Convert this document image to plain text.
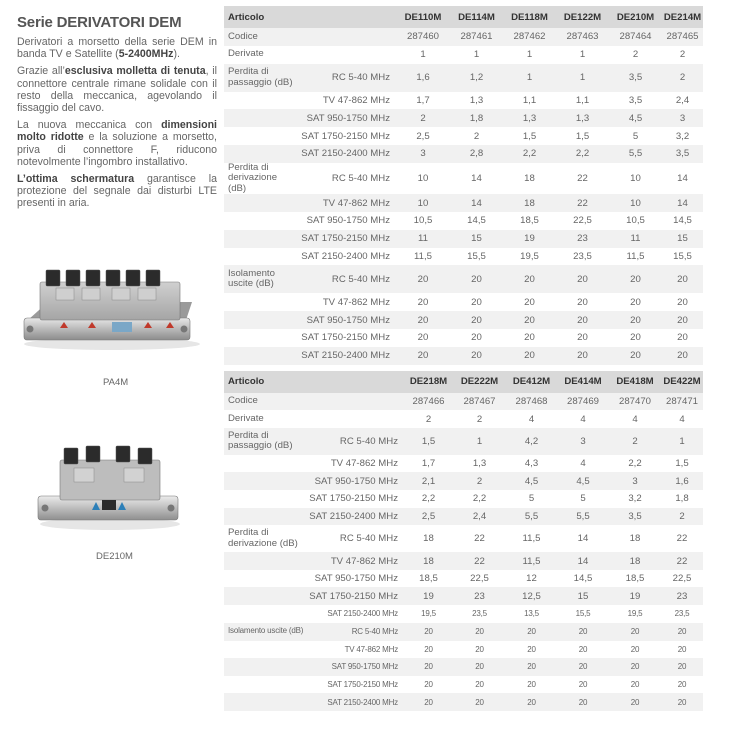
Serie DERIVATORI DEM

Derivatori a morsetto della serie DEM in banda TV e Satellite (5-2400MHz).

Grazie all’esclusiva molletta di tenuta, il connettore centrale rimane solidale con il resto della meccanica, agevolando il fissaggio del cavo.

La nuova meccanica con dimensioni molto ridotte e la soluzione a morsetto, priva di connettore F, riducono notevolmente l’ingombro installativo.

L’ottima schermatura garantisce la protezione del segnale dai disturbi LTE presenti in aria.

PA4M
DE210M
Articolo		DE110M	DE114M	DE118M	DE122M	DE210M	DE214M
Codice		287460	287461	287462	287463	287464	287465
Derivate		1	1	1	1	2	2
Perdita di passaggio (dB)	RC 5-40 MHz	1,6	1,2	1	1	3,5	2
	TV 47-862 MHz	1,7	1,3	1,1	1,1	3,5	2,4
	SAT 950-1750 MHz	2	1,8	1,3	1,3	4,5	3
	SAT 1750-2150 MHz	2,5	2	1,5	1,5	5	3,2
	SAT 2150-2400 MHz	3	2,8	2,2	2,2	5,5	3,5
Perdita di derivazione (dB)	RC 5-40 MHz	10	14	18	22	10	14
	TV 47-862 MHz	10	14	18	22	10	14
	SAT 950-1750 MHz	10,5	14,5	18,5	22,5	10,5	14,5
	SAT 1750-2150 MHz	11	15	19	23	11	15
	SAT 2150-2400 MHz	11,5	15,5	19,5	23,5	11,5	15,5
Isolamento uscite (dB)	RC 5-40 MHz	20	20	20	20	20	20
	TV 47-862 MHz	20	20	20	20	20	20
	SAT 950-1750 MHz	20	20	20	20	20	20
	SAT 1750-2150 MHz	20	20	20	20	20	20
	SAT 2150-2400 MHz	20	20	20	20	20	20
Articolo		DE218M	DE222M	DE412M	DE414M	DE418M	DE422M
Codice		287466	287467	287468	287469	287470	287471
Derivate		2	2	4	4	4	4
Perdita di passaggio (dB)	RC 5-40 MHz	1,5	1	4,2	3	2	1
	TV 47-862 MHz	1,7	1,3	4,3	4	2,2	1,5
	SAT 950-1750 MHz	2,1	2	4,5	4,5	3	1,6
	SAT 1750-2150 MHz	2,2	2,2	5	5	3,2	1,8
	SAT 2150-2400 MHz	2,5	2,4	5,5	5,5	3,5	2
Perdita di derivazione (dB)	RC 5-40 MHz	18	22	11,5	14	18	22
	TV 47-862 MHz	18	22	11,5	14	18	22
	SAT 950-1750 MHz	18,5	22,5	12	14,5	18,5	22,5
	SAT 1750-2150 MHz	19	23	12,5	15	19	23
	SAT 2150-2400 MHz	19,5	23,5	13,5	15,5	19,5	23,5
Isolamento uscite (dB)	RC 5-40 MHz	20	20	20	20	20	20
	TV 47-862 MHz	20	20	20	20	20	20
	SAT 950-1750 MHz	20	20	20	20	20	20
	SAT 1750-2150 MHz	20	20	20	20	20	20
	SAT 2150-2400 MHz	20	20	20	20	20	20
